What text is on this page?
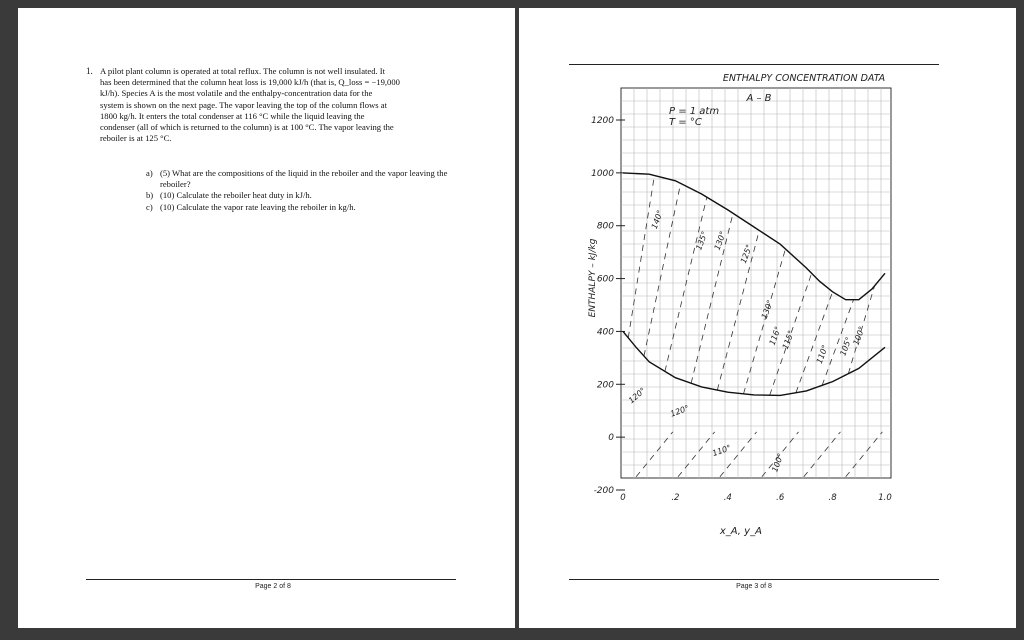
1. A pilot plant column is operated at total reflux. The column is not well insulated. It

has been determined that the column heat loss is 19,000 kJ/h (that is, Q_loss = −19,000

kJ/h). Species A is the most volatile and the enthalpy-concentration data for the

system is shown on the next page. The vapor leaving the top of the column flows at

1800 kg/h. It enters the total condenser at 116 °C while the liquid leaving the

condenser (all of which is returned to the column) is at 100 °C. The vapor leaving the

reboiler is at 125 °C.

a) (5) What are the compositions of the liquid in the reboiler and the vapor leaving the reboiler?
b) (10) Calculate the reboiler heat duty in kJ/h.
c) (10) Calculate the vapor rate leaving the reboiler in kg/h.
Page 2 of 8
1200
1000
800
600
400
200
0
-200
0	.2	.4	.6	.8	1.0
ENTHALPY – kJ/kg
x_A, y_A
ENTHALPY CONCENTRATION DATA
A – B
P = 1 atm
T = °C
140°
135° 130°
125°
120°
116°
115°
110° 105°
100°
130°
120°
110°
100°
Page 3 of 8
